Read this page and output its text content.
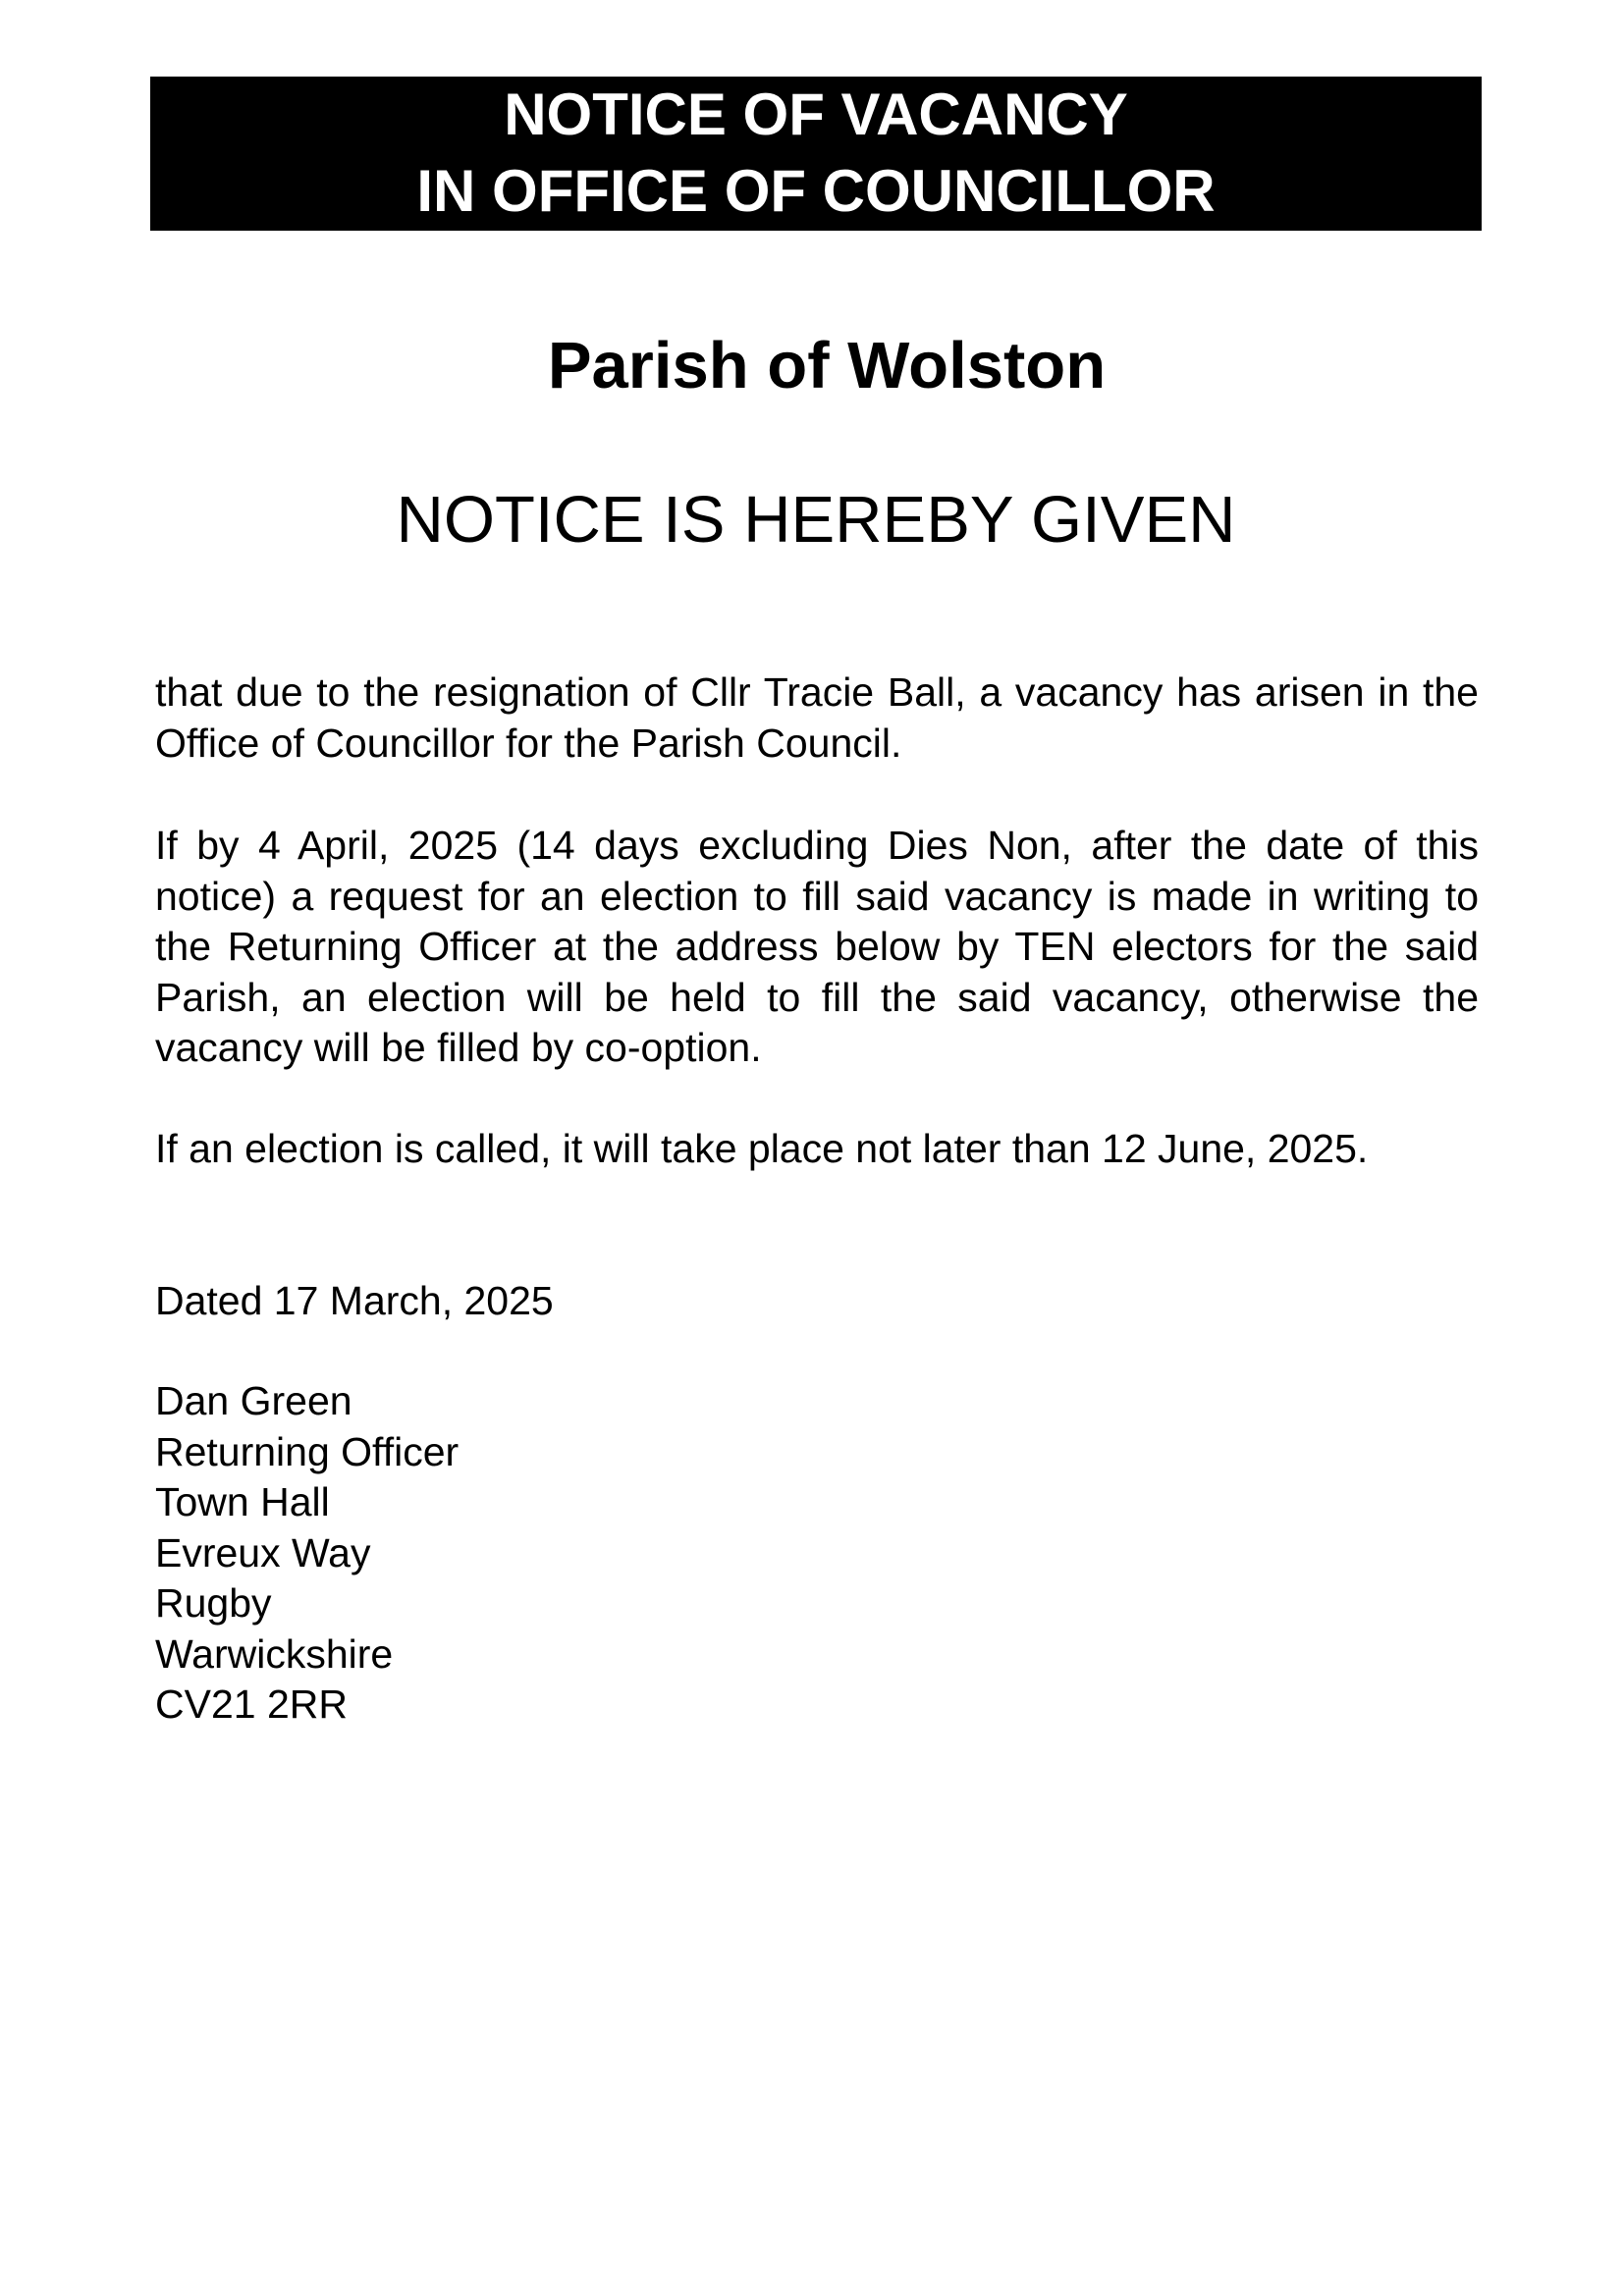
NOTICE OF VACANCY
IN OFFICE OF COUNCILLOR
Parish of Wolston
NOTICE IS HEREBY GIVEN
that due to the resignation of Cllr Tracie Ball, a vacancy has arisen in the Office of Councillor for the Parish Council.
If by 4 April, 2025 (14 days excluding Dies Non, after the date of this notice) a request for an election to fill said vacancy is made in writing to the Returning Officer at the address below by TEN electors for the said Parish, an election will be held to fill the said vacancy, otherwise the vacancy will be filled by co-option.
If an election is called, it will take place not later than 12 June, 2025.
Dated 17 March, 2025
Dan Green
Returning Officer
Town Hall
Evreux Way
Rugby
Warwickshire
CV21 2RR
